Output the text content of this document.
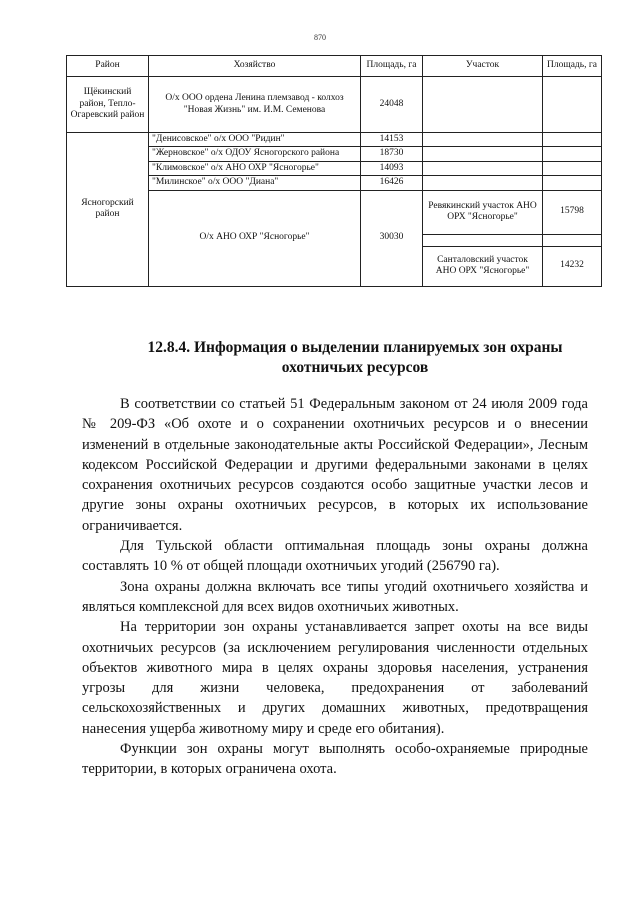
870
Район	Хозяйство	Площадь, га	Участок	Площадь, га
Щёкинский район, Тепло-Огаревский район	О/х ООО ордена Ленина племзавод - колхоз "Новая Жизнь" им. И.М. Семенова	24048		
Ясногорский район	"Денисовское" о/х ООО "Ридин"	14153		
	"Жерновское" о/х ОДОУ Ясногорского района	18730		
	"Климовское" о/х АНО ОХР "Ясногорье"	14093		
	"Милинское" о/х ООО "Диана"	16426		
	О/х АНО ОХР "Ясногорье"	30030	Ревякинский участок АНО ОРХ "Ясногорье"	15798

			Санталовский участок АНО ОРХ "Ясногорье"	14232
12.8.4. Информация о выделении планируемых зон охраны охотничьих ресурсов

В соответствии со статьей 51 Федеральным законом от 24 июля 2009 года № 209-ФЗ «Об охоте и о сохранении охотничьих ресурсов и о внесении изменений в отдельные законодательные акты Российской Федерации», Лесным кодексом Российской Федерации и другими федеральными законами в целях сохранения охотничьих ресурсов создаются особо защитные участки лесов и другие зоны охраны охотничьих ресурсов, в которых их использование ограничивается.

Для Тульской области оптимальная площадь зоны охраны должна составлять 10 % от общей площади охотничьих угодий (256790 га).

Зона охраны должна включать все типы угодий охотничьего хозяйства и являться комплексной для всех видов охотничьих животных.

На территории зон охраны устанавливается запрет охоты на все виды охотничьих ресурсов (за исключением регулирования численности отдельных объектов животного мира в целях охраны здоровья населения, устранения угрозы для жизни человека, предохранения от заболеваний сельскохозяйственных и других домашних животных, предотвращения нанесения ущерба животному миру и среде его обитания).

Функции зон охраны могут выполнять особо-охраняемые природные территории, в которых ограничена охота.
